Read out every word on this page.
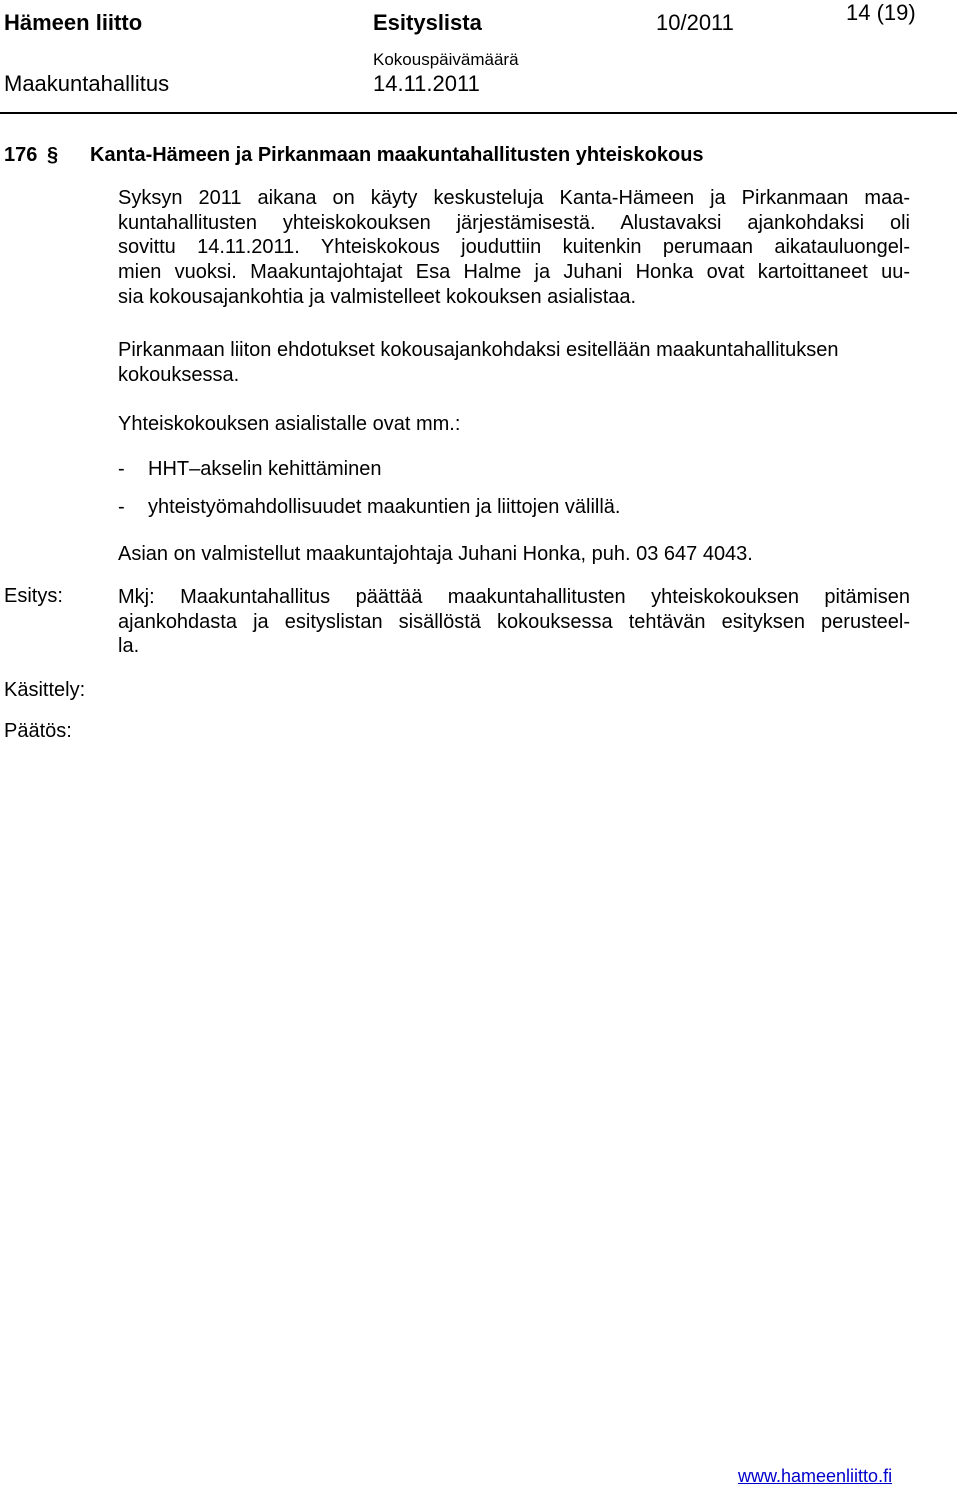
Hämeen liitto	Esityslista	10/2011	14 (19)
Maakuntahallitus
Kokouspäivämäärä
14.11.2011
176 § Kanta-Hämeen ja Pirkanmaan maakuntahallitusten yhteiskokous
Syksyn 2011 aikana on käyty keskusteluja Kanta-Hämeen ja Pirkanmaan maa-
kuntahallitusten yhteiskokouksen järjestämisestä. Alustavaksi ajankohdaksi oli
sovittu 14.11.2011. Yhteiskokous jouduttiin kuitenkin perumaan aikatauluongel-
mien vuoksi. Maakuntajohtajat Esa Halme ja Juhani Honka ovat kartoittaneet uu-
sia kokousajankohtia ja valmistelleet kokouksen asialistaa.
Pirkanmaan liiton ehdotukset kokousajankohdaksi esitellään maakuntahallituksen
kokouksessa.
Yhteiskokouksen asialistalle ovat mm.:
- HHT–akselin kehittäminen
- yhteistyömahdollisuudet maakuntien ja liittojen välillä.
Asian on valmistellut maakuntajohtaja Juhani Honka, puh. 03 647 4043.
Esitys:	Mkj: Maakuntahallitus päättää maakuntahallitusten yhteiskokouksen pitämisen
ajankohdasta ja esityslistan sisällöstä kokouksessa tehtävän esityksen perusteel-
la.
Käsittely:
Päätös:
www.hameenliitto.fi
